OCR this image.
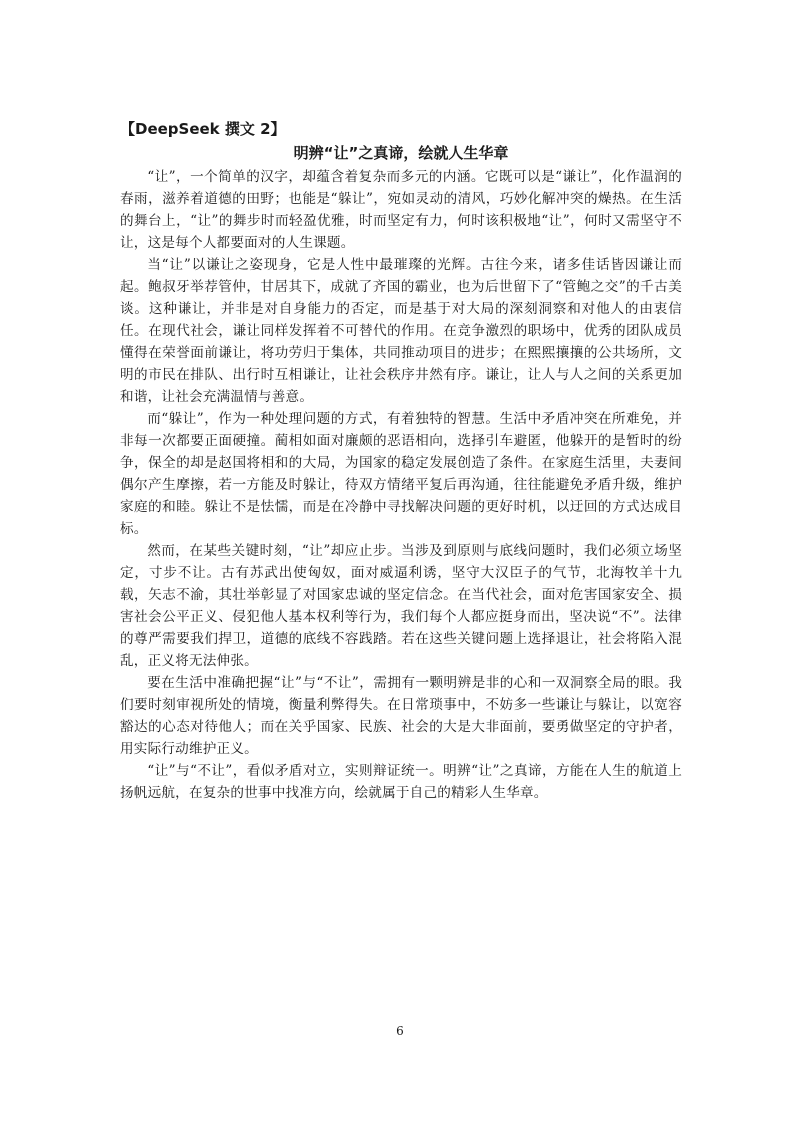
【DeepSeek 撰文 2】
明辨“让”之真谛，绘就人生华章

“让”，一个简单的汉字，却蕴含着复杂而多元的内涵。它既可以是“谦让”，化作温润的春雨，滋养着道德的田野；也能是“躲让”，宛如灵动的清风，巧妙化解冲突的燥热。在生活的舞台上，“让”的舞步时而轻盈优雅，时而坚定有力，何时该积极地“让”，何时又需坚守不让，这是每个人都要面对的人生课题。

当“让”以谦让之姿现身，它是人性中最璀璨的光辉。古往今来，诸多佳话皆因谦让而起。鲍叔牙举荐管仲，甘居其下，成就了齐国的霸业，也为后世留下了“管鲍之交”的千古美谈。这种谦让，并非是对自身能力的否定，而是基于对大局的深刻洞察和对他人的由衷信任。在现代社会，谦让同样发挥着不可替代的作用。在竞争激烈的职场中，优秀的团队成员懂得在荣誉面前谦让，将功劳归于集体，共同推动项目的进步；在熙熙攘攘的公共场所，文明的市民在排队、出行时互相谦让，让社会秩序井然有序。谦让，让人与人之间的关系更加和谐，让社会充满温情与善意。

而“躲让”，作为一种处理问题的方式，有着独特的智慧。生活中矛盾冲突在所难免，并非每一次都要正面硬撞。蔺相如面对廉颇的恶语相向，选择引车避匿，他躲开的是暂时的纷争，保全的却是赵国将相和的大局，为国家的稳定发展创造了条件。在家庭生活里，夫妻间偶尔产生摩擦，若一方能及时躲让，待双方情绪平复后再沟通，往往能避免矛盾升级，维护家庭的和睦。躲让不是怯懦，而是在冷静中寻找解决问题的更好时机，以迂回的方式达成目标。

然而，在某些关键时刻，“让”却应止步。当涉及到原则与底线问题时，我们必须立场坚定，寸步不让。古有苏武出使匈奴，面对威逼利诱，坚守大汉臣子的气节，北海牧羊十九载，矢志不渝，其壮举彰显了对国家忠诚的坚定信念。在当代社会，面对危害国家安全、损害社会公平正义、侵犯他人基本权利等行为，我们每个人都应挺身而出，坚决说“不”。法律的尊严需要我们捍卫，道德的底线不容践踏。若在这些关键问题上选择退让，社会将陷入混乱，正义将无法伸张。

要在生活中准确把握“让”与“不让”，需拥有一颗明辨是非的心和一双洞察全局的眼。我们要时刻审视所处的情境，衡量利弊得失。在日常琐事中，不妨多一些谦让与躲让，以宽容豁达的心态对待他人；而在关乎国家、民族、社会的大是大非面前，要勇做坚定的守护者，用实际行动维护正义。

“让”与“不让”，看似矛盾对立，实则辩证统一。明辨“让”之真谛，方能在人生的航道上扬帆远航，在复杂的世事中找准方向，绘就属于自己的精彩人生华章。

6
